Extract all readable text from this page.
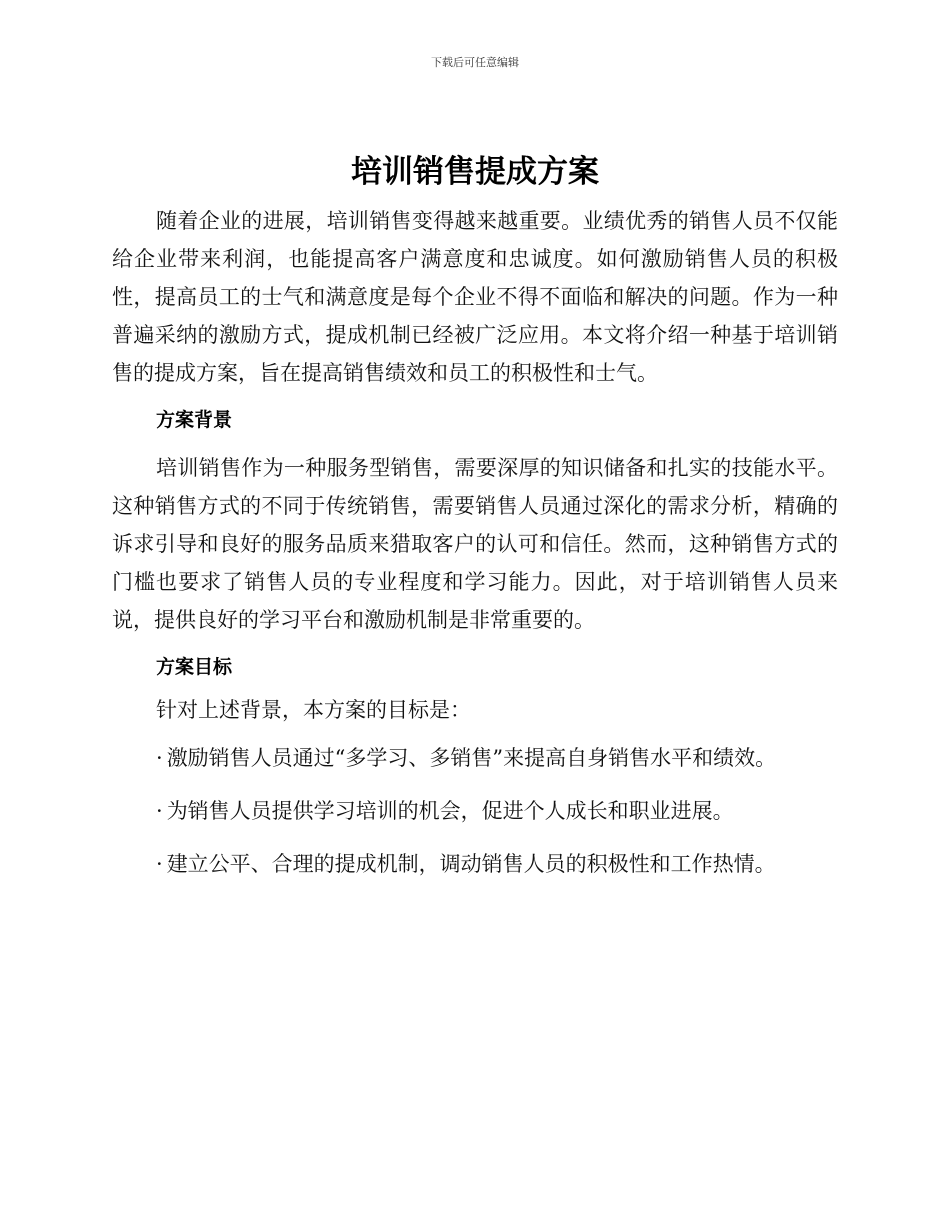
下载后可任意编辑
培训销售提成方案

随着企业的进展，培训销售变得越来越重要。业绩优秀的销售人员不仅能给企业带来利润，也能提高客户满意度和忠诚度。如何激励销售人员的积极性，提高员工的士气和满意度是每个企业不得不面临和解决的问题。作为一种普遍采纳的激励方式，提成机制已经被广泛应用。本文将介绍一种基于培训销售的提成方案，旨在提高销售绩效和员工的积极性和士气。

方案背景

培训销售作为一种服务型销售，需要深厚的知识储备和扎实的技能水平。这种销售方式的不同于传统销售，需要销售人员通过深化的需求分析，精确的诉求引导和良好的服务品质来猎取客户的认可和信任。然而，这种销售方式的门槛也要求了销售人员的专业程度和学习能力。因此，对于培训销售人员来说，提供良好的学习平台和激励机制是非常重要的。

方案目标

针对上述背景，本方案的目标是：

· 激励销售人员通过“多学习、多销售”来提高自身销售水平和绩效。
· 为销售人员提供学习培训的机会，促进个人成长和职业进展。
· 建立公平、合理的提成机制，调动销售人员的积极性和工作热情。
